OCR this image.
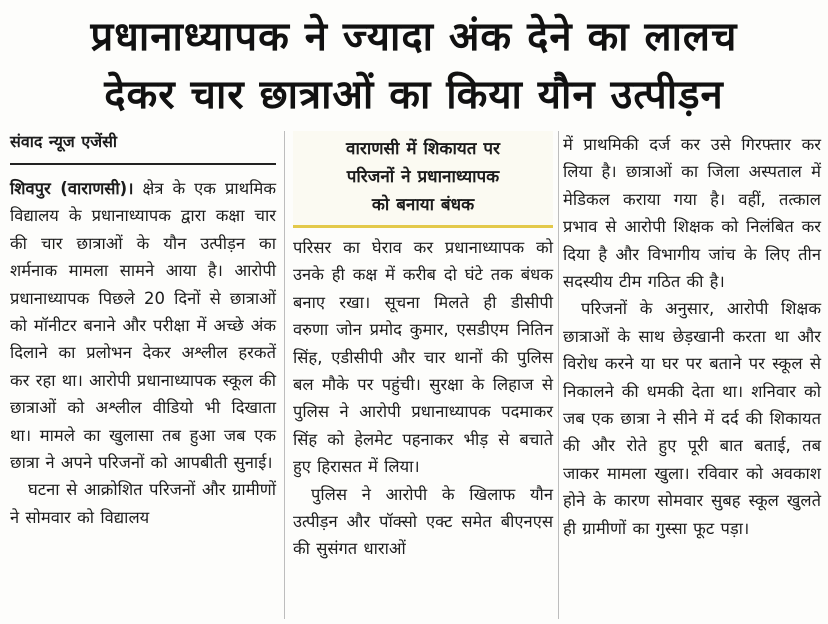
प्रधानाध्यापक ने ज्यादा अंक देने का लालच
देकर चार छात्राओं का किया यौन उत्पीड़न
संवाद न्यूज एजेंसी

शिवपुर (वाराणसी)। क्षेत्र के एक प्राथमिक विद्यालय के प्रधानाध्यापक द्वारा कक्षा चार की चार छात्राओं के यौन उत्पीड़न का शर्मनाक मामला सामने आया है। आरोपी प्रधानाध्यापक पिछले 20 दिनों से छात्राओं को मॉनीटर बनाने और परीक्षा में अच्छे अंक दिलाने का प्रलोभन देकर अश्लील हरकतें कर रहा था। आरोपी प्रधानाध्यापक स्कूल की छात्राओं को अश्लील वीडियो भी दिखाता था। मामले का खुलासा तब हुआ जब एक छात्रा ने अपने परिजनों को आपबीती सुनाई।

घटना से आक्रोशित परिजनों और ग्रामीणों ने सोमवार को विद्यालय

वाराणसी में शिकायत पर
परिजनों ने प्रधानाध्यापक
को बनाया बंधक

परिसर का घेराव कर प्रधानाध्यापक को उनके ही कक्ष में करीब दो घंटे तक बंधक बनाए रखा। सूचना मिलते ही डीसीपी वरुणा जोन प्रमोद कुमार, एसडीएम नितिन सिंह, एडीसीपी और चार थानों की पुलिस बल मौके पर पहुंची। सुरक्षा के लिहाज से पुलिस ने आरोपी प्रधानाध्यापक पदमाकर सिंह को हेलमेट पहनाकर भीड़ से बचाते हुए हिरासत में लिया।

पुलिस ने आरोपी के खिलाफ यौन उत्पीड़न और पॉक्सो एक्ट समेत बीएनएस की सुसंगत धाराओं

में प्राथमिकी दर्ज कर उसे गिरफ्तार कर लिया है। छात्राओं का जिला अस्पताल में मेडिकल कराया गया है। वहीं, तत्काल प्रभाव से आरोपी शिक्षक को निलंबित कर दिया है और विभागीय जांच के लिए तीन सदस्यीय टीम गठित की है।

परिजनों के अनुसार, आरोपी शिक्षक छात्राओं के साथ छेड़खानी करता था और विरोध करने या घर पर बताने पर स्कूल से निकालने की धमकी देता था। शनिवार को जब एक छात्रा ने सीने में दर्द की शिकायत की और रोते हुए पूरी बात बताई, तब जाकर मामला खुला। रविवार को अवकाश होने के कारण सोमवार सुबह स्कूल खुलते ही ग्रामीणों का गुस्सा फूट पड़ा।
